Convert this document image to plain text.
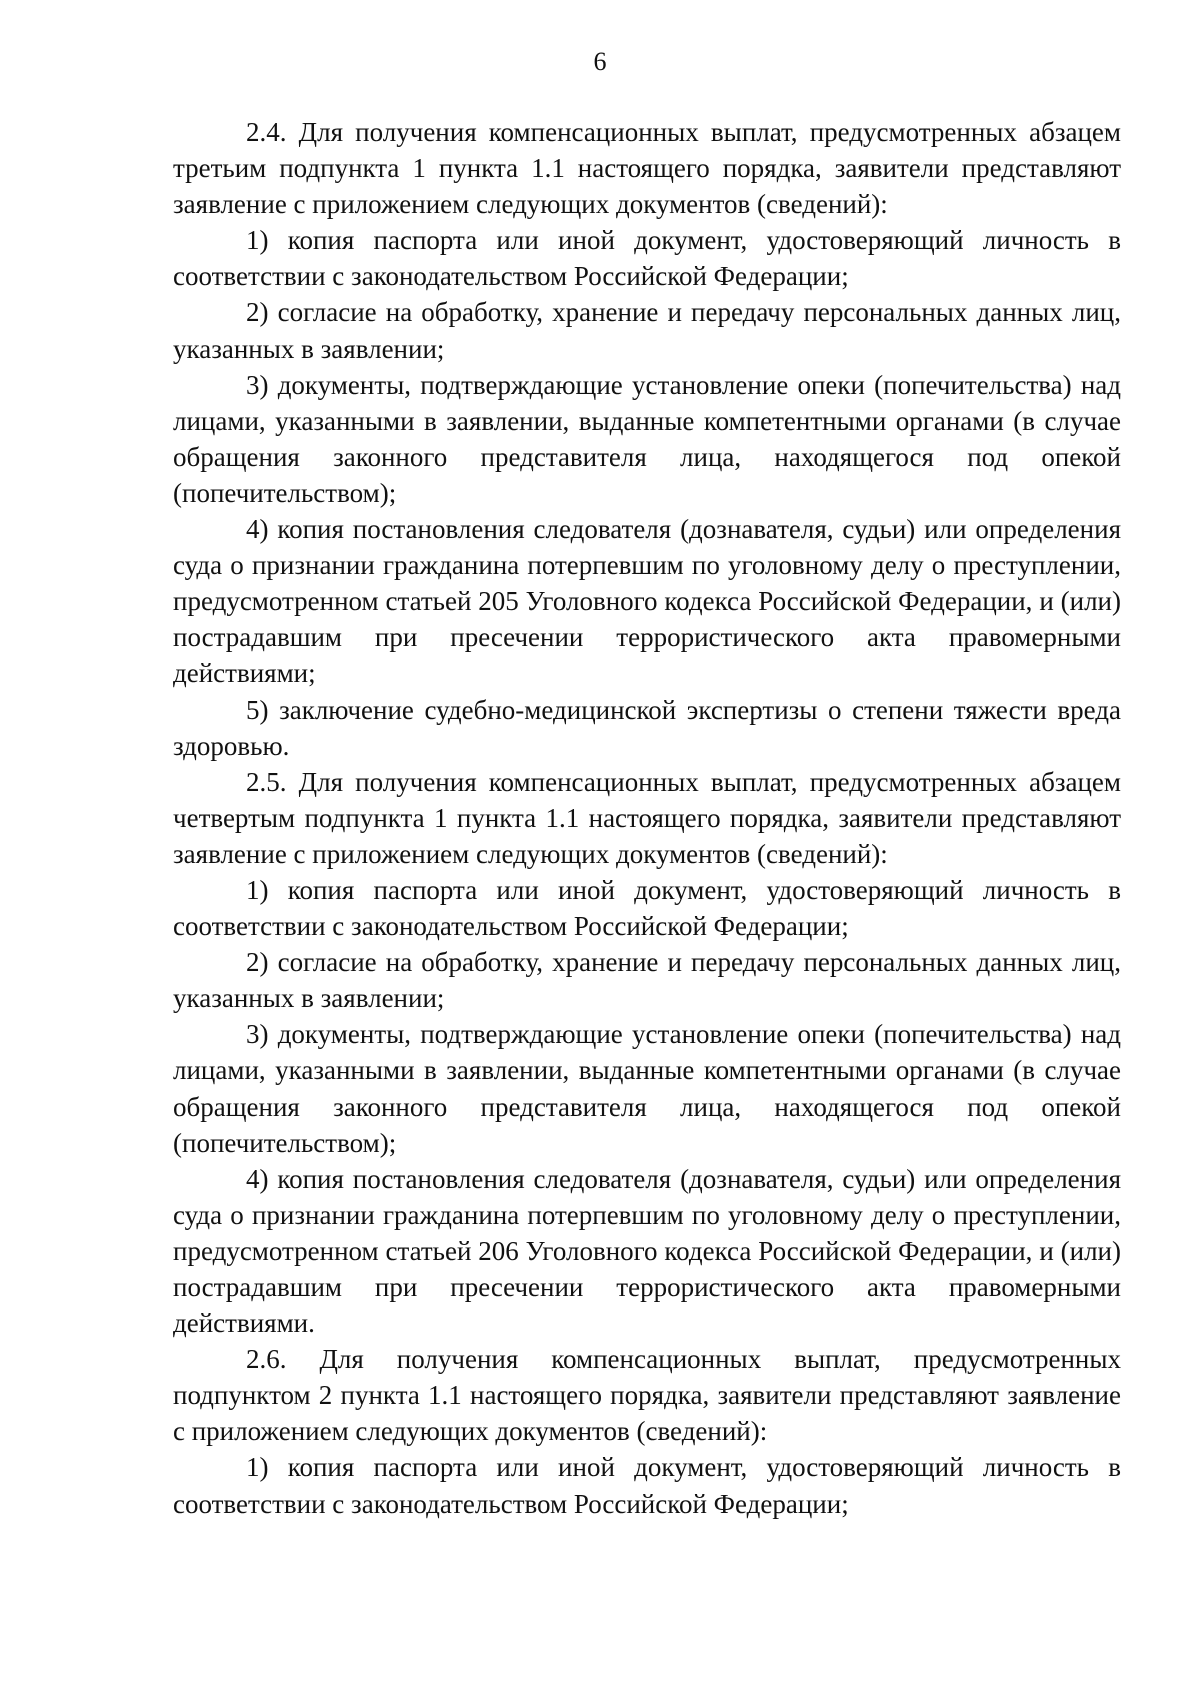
6

2.4. Для получения компенсационных выплат, предусмотренных абзацем третьим подпункта 1 пункта 1.1 настоящего порядка, заявители представляют заявление с приложением следующих документов (сведений):

1) копия паспорта или иной документ, удостоверяющий личность в соответствии с законодательством Российской Федерации;

2) согласие на обработку, хранение и передачу персональных данных лиц, указанных в заявлении;

3) документы, подтверждающие установление опеки (попечительства) над лицами, указанными в заявлении, выданные компетентными органами (в случае обращения законного представителя лица, находящегося под опекой (попечительством);

4) копия постановления следователя (дознавателя, судьи) или определения суда о признании гражданина потерпевшим по уголовному делу о преступлении, предусмотренном статьей 205 Уголовного кодекса Российской Федерации, и (или) пострадавшим при пресечении террористического акта правомерными действиями;

5) заключение судебно-медицинской экспертизы о степени тяжести вреда здоровью.

2.5. Для получения компенсационных выплат, предусмотренных абзацем четвертым подпункта 1 пункта 1.1 настоящего порядка, заявители представляют заявление с приложением следующих документов (сведений):

1) копия паспорта или иной документ, удостоверяющий личность в соответствии с законодательством Российской Федерации;

2) согласие на обработку, хранение и передачу персональных данных лиц, указанных в заявлении;

3) документы, подтверждающие установление опеки (попечительства) над лицами, указанными в заявлении, выданные компетентными органами (в случае обращения законного представителя лица, находящегося под опекой (попечительством);

4) копия постановления следователя (дознавателя, судьи) или определения суда о признании гражданина потерпевшим по уголовному делу о преступлении, предусмотренном статьей 206 Уголовного кодекса Российской Федерации, и (или) пострадавшим при пресечении террористического акта правомерными действиями.

2.6. Для получения компенсационных выплат, предусмотренных подпунктом 2 пункта 1.1 настоящего порядка, заявители представляют заявление с приложением следующих документов (сведений):

1) копия паспорта или иной документ, удостоверяющий личность в соответствии с законодательством Российской Федерации;
